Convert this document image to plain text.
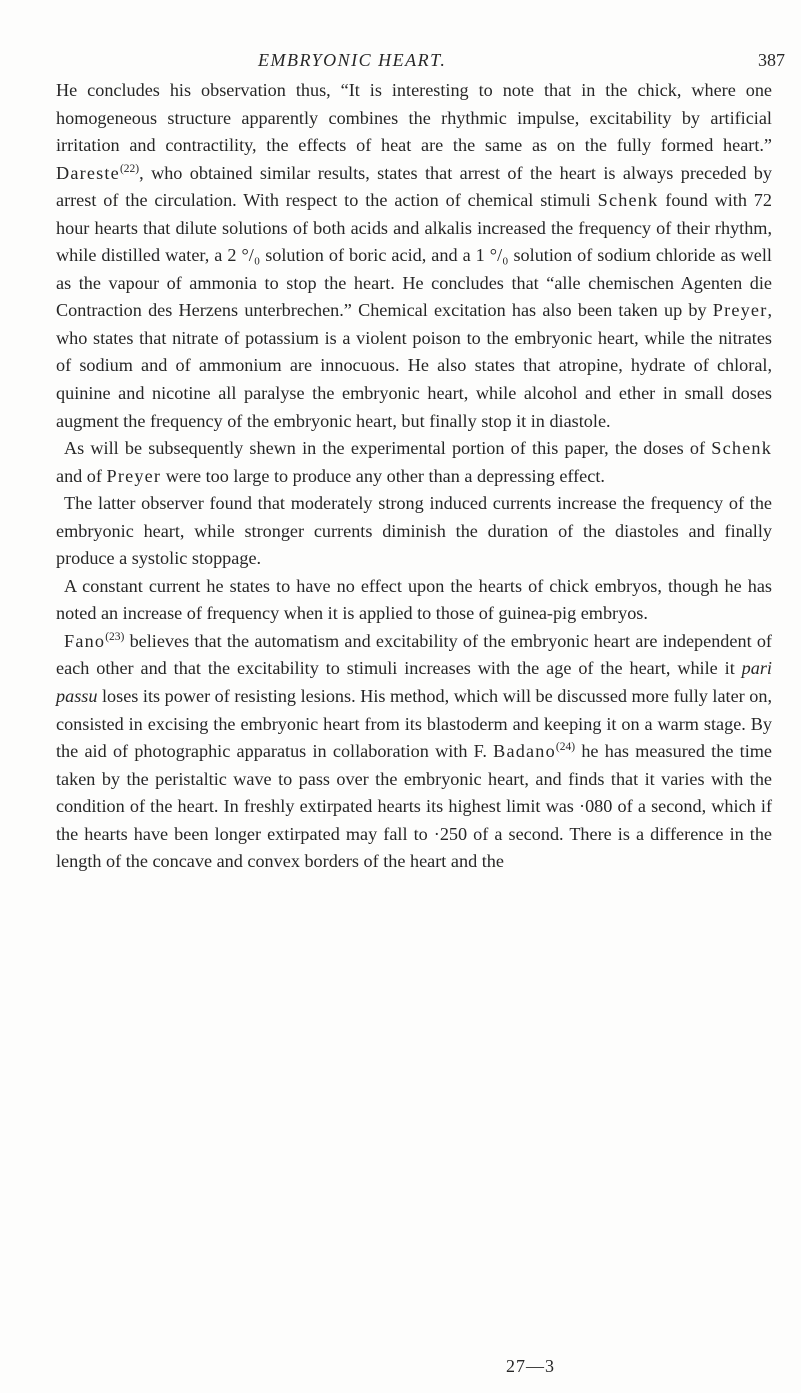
EMBRYONIC HEART.	387

He concludes his observation thus, “It is interesting to note that in the chick, where one homogeneous structure apparently combines the rhythmic impulse, excitability by artificial irritation and contractility, the effects of heat are the same as on the fully formed heart.” Dareste$^{(22)}$, who obtained similar results, states that arrest of the heart is always preceded by arrest of the circulation. With respect to the action of chemical stimuli Schenk found with 72 hour hearts that dilute solutions of both acids and alkalis increased the frequency of their rhythm, while distilled water, a 2 °/₀ solution of boric acid, and a 1 °/₀ solution of sodium chloride as well as the vapour of ammonia to stop the heart. He concludes that “alle chemischen Agenten die Contraction des Herzens unterbrechen.” Chemical excitation has also been taken up by Preyer, who states that nitrate of potassium is a violent poison to the embryonic heart, while the nitrates of sodium and of ammonium are innocuous. He also states that atropine, hydrate of chloral, quinine and nicotine all paralyse the embryonic heart, while alcohol and ether in small doses augment the frequency of the embryonic heart, but finally stop it in diastole.

As will be subsequently shewn in the experimental portion of this paper, the doses of Schenk and of Preyer were too large to produce any other than a depressing effect.

The latter observer found that moderately strong induced currents increase the frequency of the embryonic heart, while stronger currents diminish the duration of the diastoles and finally produce a systolic stoppage.

A constant current he states to have no effect upon the hearts of chick embryos, though he has noted an increase of frequency when it is applied to those of guinea-pig embryos.

Fano$^{(23)}$ believes that the automatism and excitability of the embryonic heart are independent of each other and that the excitability to stimuli increases with the age of the heart, while it pari passu loses its power of resisting lesions. His method, which will be discussed more fully later on, consisted in excising the embryonic heart from its blastoderm and keeping it on a warm stage. By the aid of photographic apparatus in collaboration with F. Badano$^{(24)}$ he has measured the time taken by the peristaltic wave to pass over the embryonic heart, and finds that it varies with the condition of the heart. In freshly extirpated hearts its highest limit was ·080 of a second, which if the hearts have been longer extirpated may fall to ·250 of a second. There is a difference in the length of the concave and convex borders of the heart and the

27—3
